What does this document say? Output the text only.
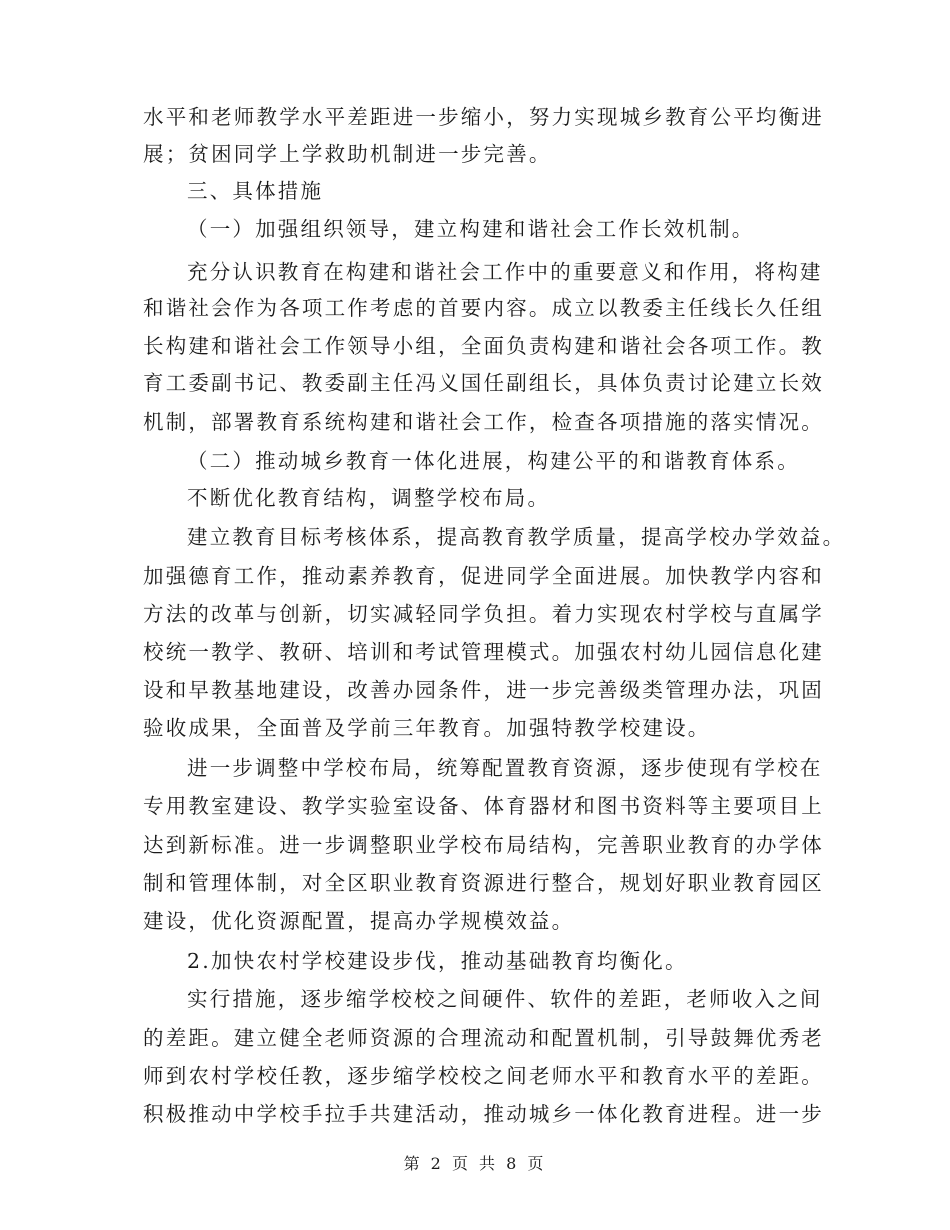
水平和老师教学水平差距进一步缩小，努力实现城乡教育公平均衡进
展；贫困同学上学救助机制进一步完善。
三、具体措施
（一）加强组织领导，建立构建和谐社会工作长效机制。
充分认识教育在构建和谐社会工作中的重要意义和作用，将构建
和谐社会作为各项工作考虑的首要内容。成立以教委主任线长久任组
长构建和谐社会工作领导小组，全面负责构建和谐社会各项工作。教
育工委副书记、教委副主任冯义国任副组长，具体负责讨论建立长效
机制，部署教育系统构建和谐社会工作，检查各项措施的落实情况。
（二）推动城乡教育一体化进展，构建公平的和谐教育体系。
不断优化教育结构，调整学校布局。
建立教育目标考核体系，提高教育教学质量，提高学校办学效益。
加强德育工作，推动素养教育，促进同学全面进展。加快教学内容和
方法的改革与创新，切实减轻同学负担。着力实现农村学校与直属学
校统一教学、教研、培训和考试管理模式。加强农村幼儿园信息化建
设和早教基地建设，改善办园条件，进一步完善级类管理办法，巩固
验收成果，全面普及学前三年教育。加强特教学校建设。
进一步调整中学校布局，统筹配置教育资源，逐步使现有学校在
专用教室建设、教学实验室设备、体育器材和图书资料等主要项目上
达到新标准。进一步调整职业学校布局结构，完善职业教育的办学体
制和管理体制，对全区职业教育资源进行整合，规划好职业教育园区
建设，优化资源配置，提高办学规模效益。
2.加快农村学校建设步伐，推动基础教育均衡化。
实行措施，逐步缩学校校之间硬件、软件的差距，老师收入之间
的差距。建立健全老师资源的合理流动和配置机制，引导鼓舞优秀老
师到农村学校任教，逐步缩学校校之间老师水平和教育水平的差距。
积极推动中学校手拉手共建活动，推动城乡一体化教育进程。进一步
第 2 页 共 8 页
